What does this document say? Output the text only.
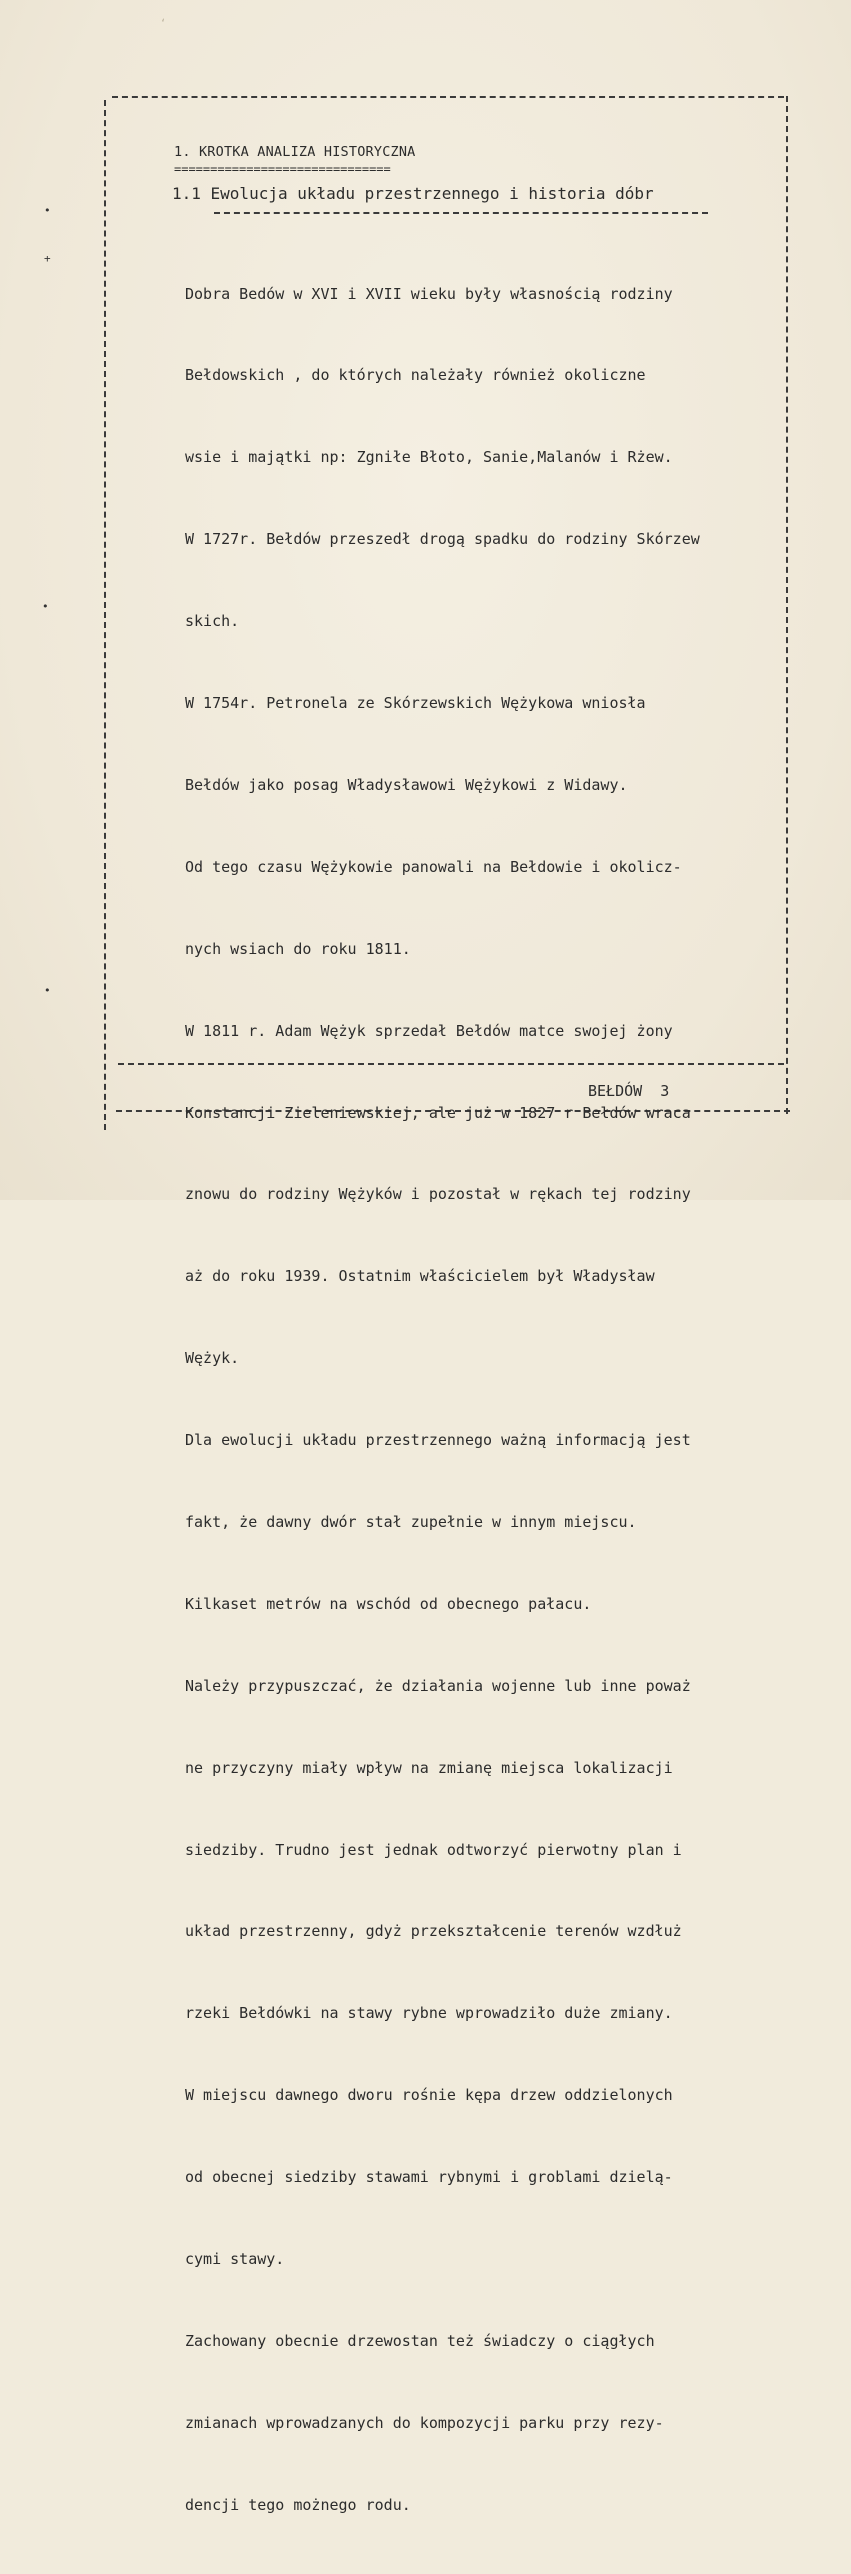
ʻ
•
+
•
•
1. KROTKA ANALIZA HISTORYCZNA
==============================
1.1 Ewolucja układu przestrzennego i historia dóbr

Dobra Bedów w XVI i XVII wieku były własnością rodziny

Bełdowskich , do których należały również okoliczne

wsie i majątki np: Zgniłe Błoto, Sanie,Malanów i Rżew.

W 1727r. Bełdów przeszedł drogą spadku do rodziny Skórzew

skich.

W 1754r. Petronela ze Skórzewskich Wężykowa wniosła

Bełdów jako posag Władysławowi Wężykowi z Widawy.

Od tego czasu Wężykowie panowali na Bełdowie i okolicz-

nych wsiach do roku 1811.

W 1811 r. Adam Wężyk sprzedał Bełdów matce swojej żony

Konstancji Zieleniewskiej, ale już w 1827 r Bełdów wraca

znowu do rodziny Wężyków i pozostał w rękach tej rodziny

aż do roku 1939. Ostatnim właścicielem był Władysław

Wężyk.

Dla ewolucji układu przestrzennego ważną informacją jest

fakt, że dawny dwór stał zupełnie w innym miejscu.

Kilkaset metrów na wschód od obecnego pałacu.

Należy przypuszczać, że działania wojenne lub inne poważ

ne przyczyny miały wpływ na zmianę miejsca lokalizacji

siedziby. Trudno jest jednak odtworzyć pierwotny plan i

układ przestrzenny, gdyż przekształcenie terenów wzdłuż

rzeki Bełdówki na stawy rybne wprowadziło duże zmiany.

W miejscu dawnego dworu rośnie kępa drzew oddzielonych

od obecnej siedziby stawami rybnymi i groblami dzielą-

cymi stawy.

Zachowany obecnie drzewostan też świadczy o ciągłych

zmianach wprowadzanych do kompozycji parku przy rezy-

dencji tego możnego rodu.

BEŁDÓW  3
